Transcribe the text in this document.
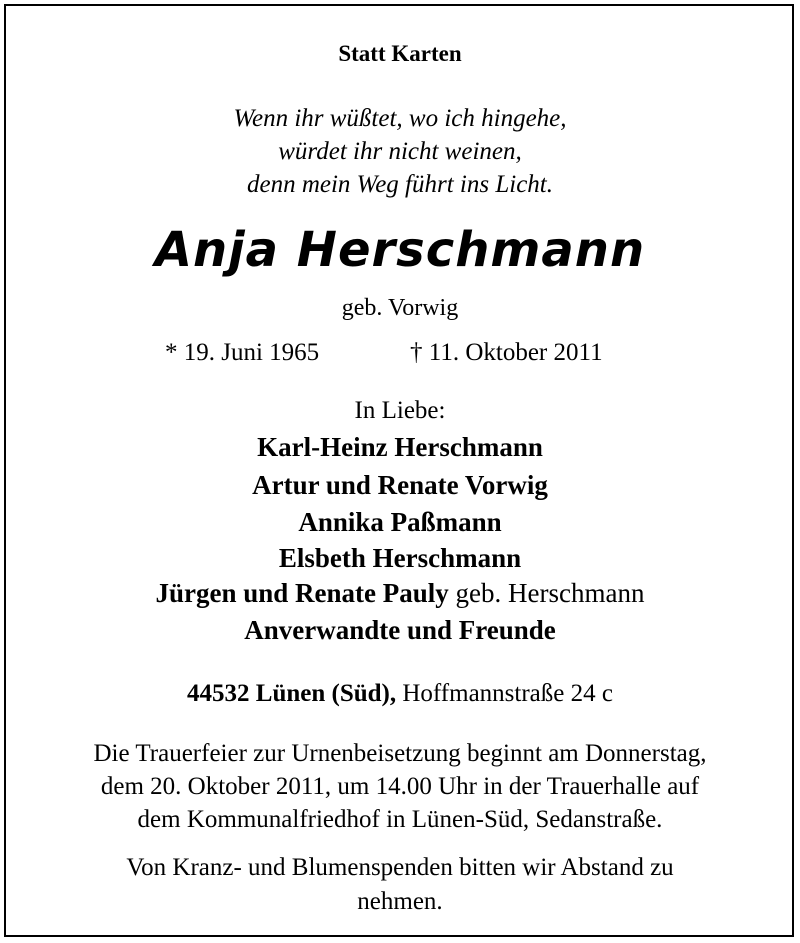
Statt Karten
Wenn ihr wüßtet, wo ich hingehe,
würdet ihr nicht weinen,
denn mein Weg führt ins Licht.
Anja Herschmann
geb. Vorwig
* 19. Juni 1965	† 11. Oktober 2011
In Liebe:
Karl-Heinz Herschmann
Artur und Renate Vorwig
Annika Paßmann
Elsbeth Herschmann
Jürgen und Renate Pauly geb. Herschmann
Anverwandte und Freunde
44532 Lünen (Süd), Hoffmannstraße 24 c
Die Trauerfeier zur Urnenbeisetzung beginnt am Donnerstag,
dem 20. Oktober 2011, um 14.00 Uhr in der Trauerhalle auf
dem Kommunalfriedhof in Lünen-Süd, Sedanstraße.
Von Kranz- und Blumenspenden bitten wir Abstand zu
nehmen.
